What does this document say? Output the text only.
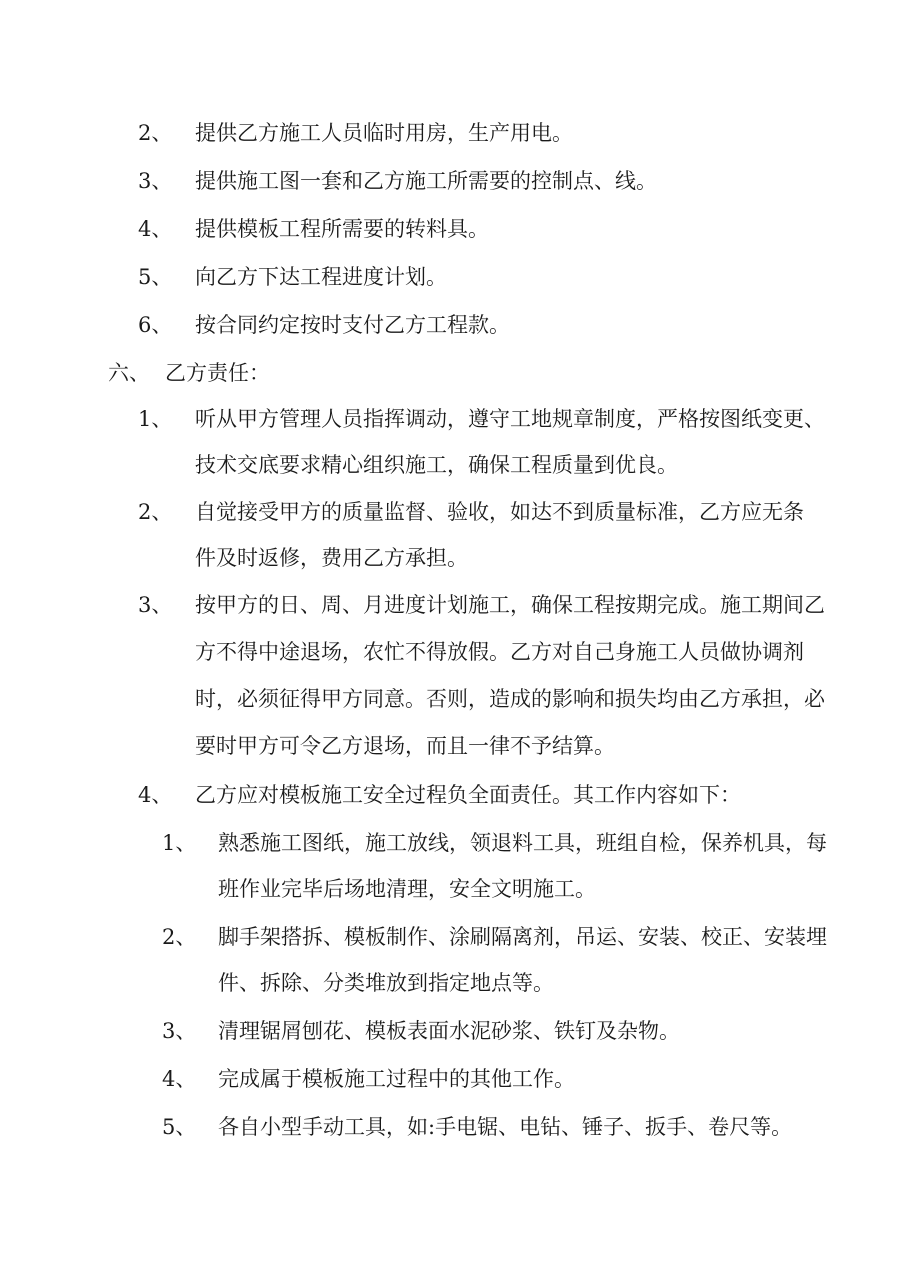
2、 提供乙方施工人员临时用房，生产用电。
3、 提供施工图一套和乙方施工所需要的控制点、线。
4、 提供模板工程所需要的转料具。
5、 向乙方下达工程进度计划。
6、 按合同约定按时支付乙方工程款。
六、 乙方责任：
1、 听从甲方管理人员指挥调动，遵守工地规章制度，严格按图纸变更、
技术交底要求精心组织施工，确保工程质量到优良。
2、 自觉接受甲方的质量监督、验收，如达不到质量标准，乙方应无条
件及时返修，费用乙方承担。
3、 按甲方的日、周、月进度计划施工，确保工程按期完成。施工期间乙
方不得中途退场，农忙不得放假。乙方对自己身施工人员做协调剂
时，必须征得甲方同意。否则，造成的影响和损失均由乙方承担，必
要时甲方可令乙方退场，而且一律不予结算。
4、 乙方应对模板施工安全过程负全面责任。其工作内容如下：
1、 熟悉施工图纸，施工放线，领退料工具，班组自检，保养机具，每
班作业完毕后场地清理，安全文明施工。
2、 脚手架搭拆、模板制作、涂刷隔离剂，吊运、安装、校正、安装埋
件、拆除、分类堆放到指定地点等。
3、 清理锯屑刨花、模板表面水泥砂浆、铁钉及杂物。
4、 完成属于模板施工过程中的其他工作。
5、 各自小型手动工具，如:手电锯、电钻、锤子、扳手、卷尺等。
